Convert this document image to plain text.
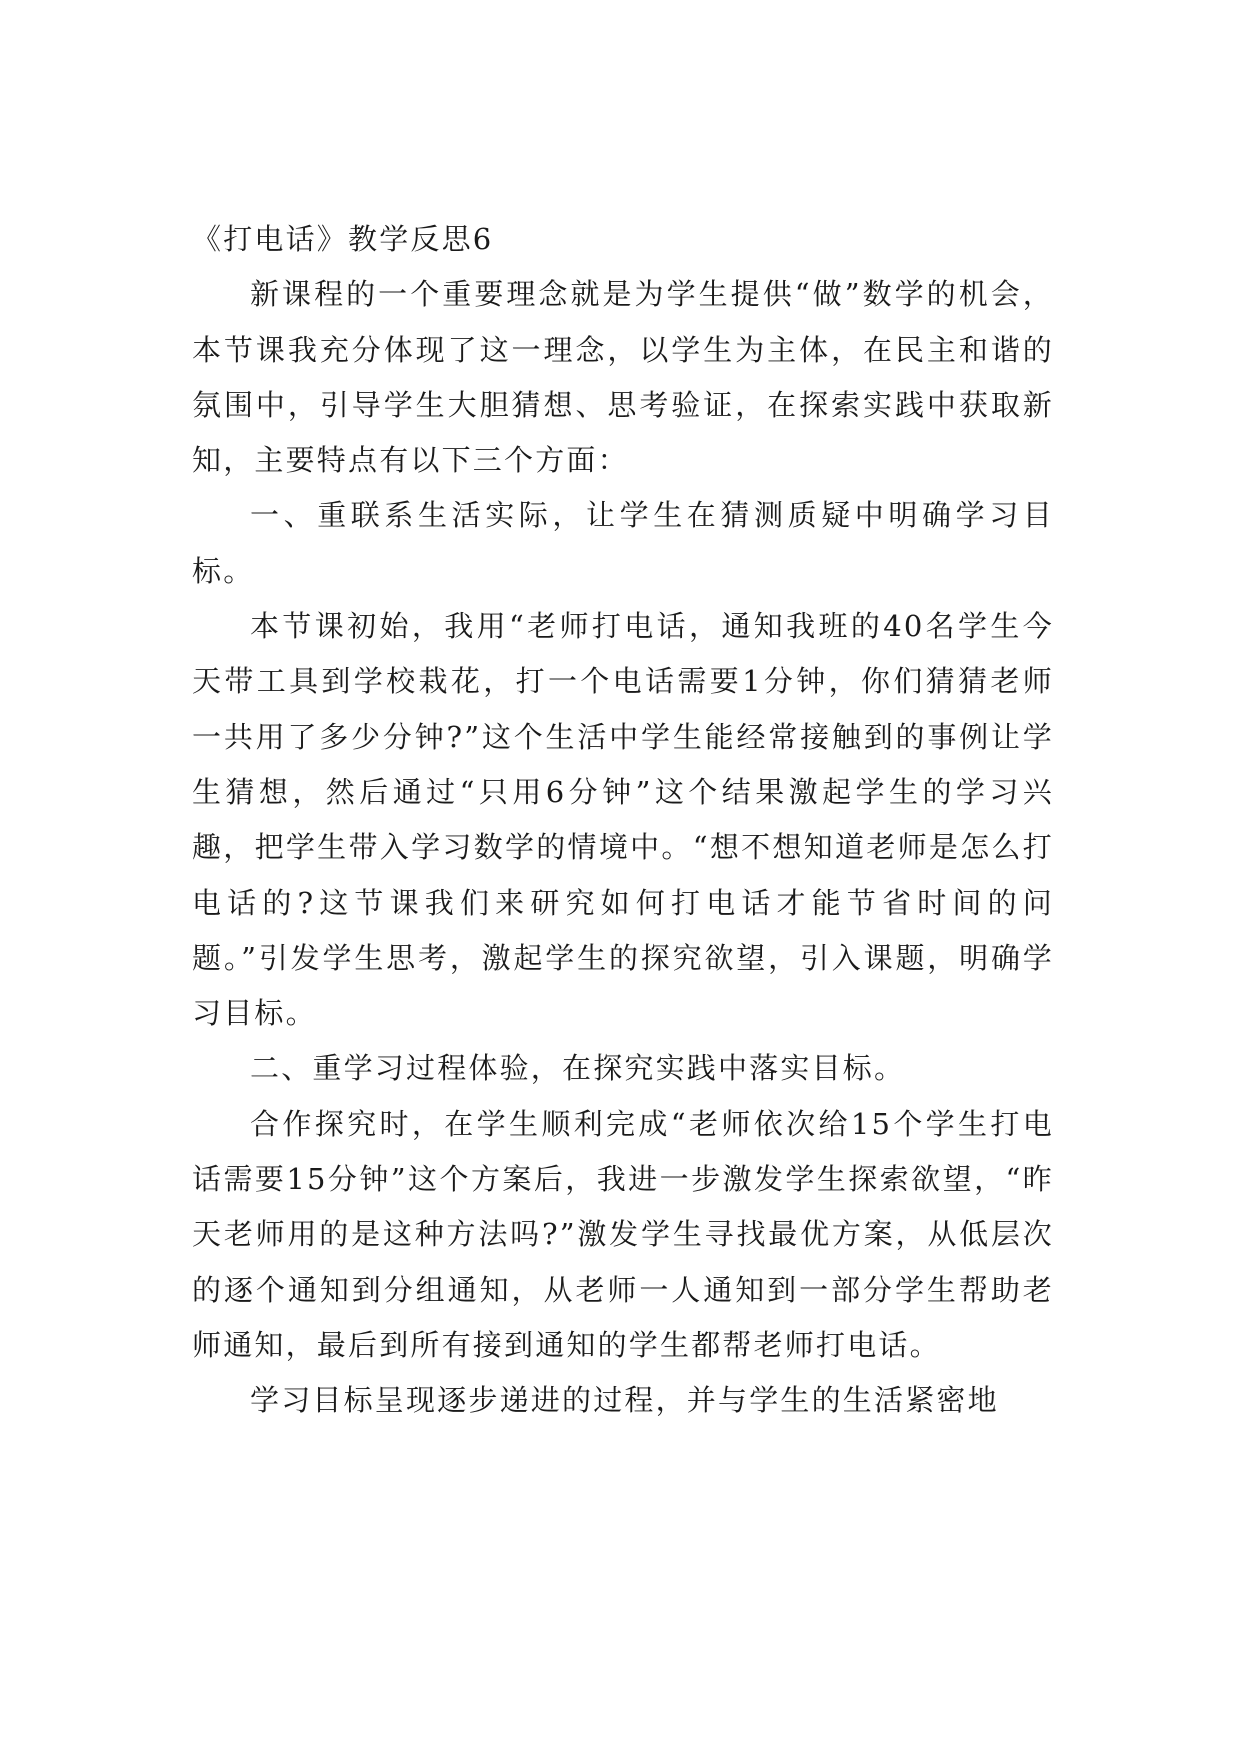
《打电话》教学反思6

新课程的一个重要理念就是为学生提供“做”数学的机会，本节课我充分体现了这一理念，以学生为主体，在民主和谐的氛围中，引导学生大胆猜想、思考验证，在探索实践中获取新知，主要特点有以下三个方面：

一、重联系生活实际，让学生在猜测质疑中明确学习目标。

本节课初始，我用“老师打电话，通知我班的40名学生今天带工具到学校栽花，打一个电话需要1分钟，你们猜猜老师一共用了多少分钟?”这个生活中学生能经常接触到的事例让学生猜想，然后通过“只用6分钟”这个结果激起学生的学习兴趣，把学生带入学习数学的情境中。“想不想知道老师是怎么打电话的?这节课我们来研究如何打电话才能节省时间的问题。”引发学生思考，激起学生的探究欲望，引入课题，明确学习目标。

二、重学习过程体验，在探究实践中落实目标。

合作探究时，在学生顺利完成“老师依次给15个学生打电话需要15分钟”这个方案后，我进一步激发学生探索欲望，“昨天老师用的是这种方法吗?”激发学生寻找最优方案，从低层次的逐个通知到分组通知，从老师一人通知到一部分学生帮助老师通知，最后到所有接到通知的学生都帮老师打电话。

学习目标呈现逐步递进的过程，并与学生的生活紧密地
